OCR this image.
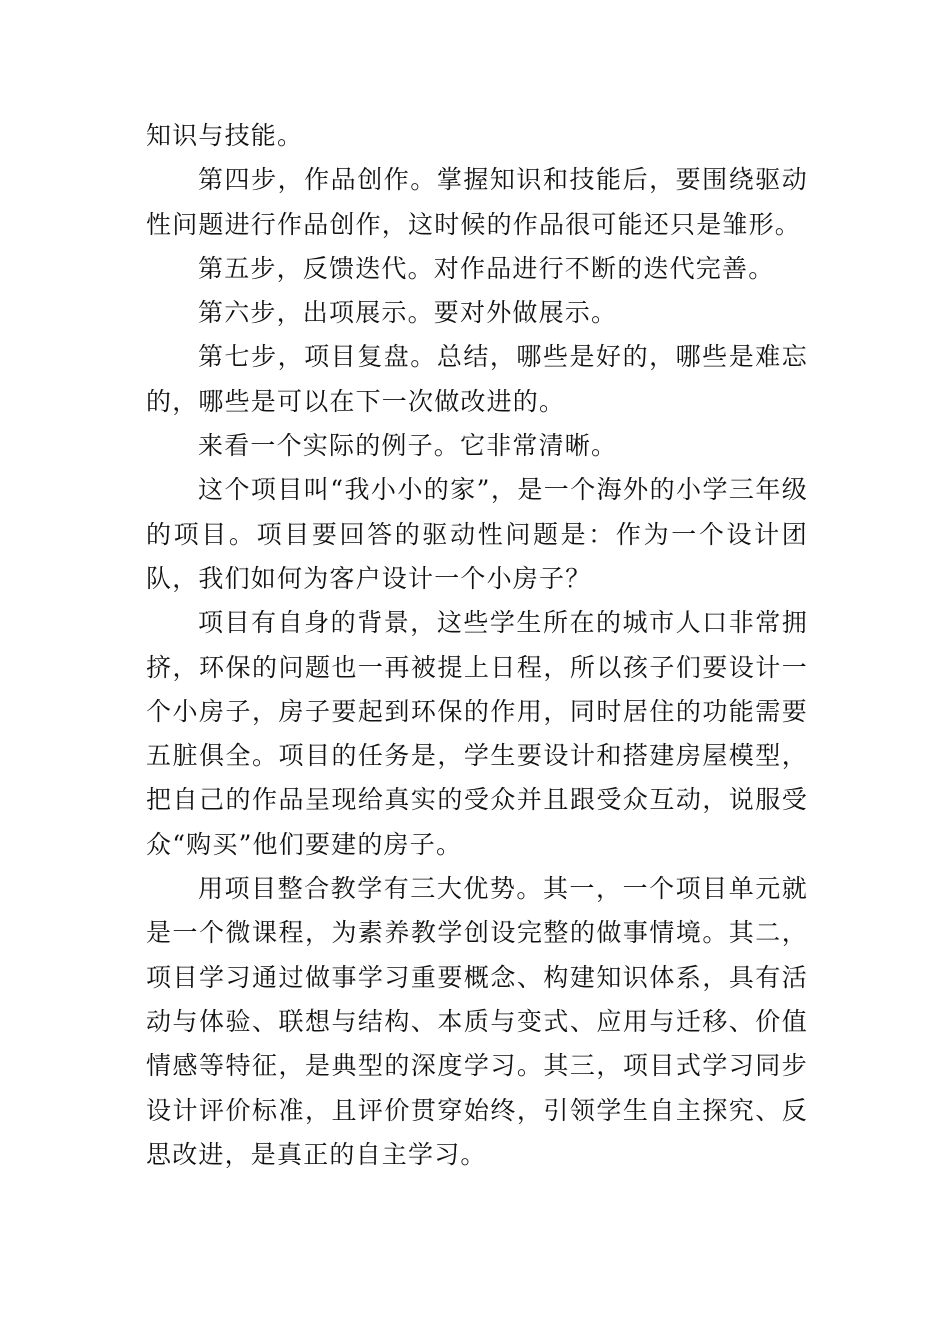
知识与技能。

第四步，作品创作。掌握知识和技能后，要围绕驱动性问题进行作品创作，这时候的作品很可能还只是雏形。

第五步，反馈迭代。对作品进行不断的迭代完善。

第六步，出项展示。要对外做展示。

第七步，项目复盘。总结，哪些是好的，哪些是难忘的，哪些是可以在下一次做改进的。

来看一个实际的例子。它非常清晰。

这个项目叫“我小小的家”，是一个海外的小学三年级的项目。项目要回答的驱动性问题是：作为一个设计团队，我们如何为客户设计一个小房子？

项目有自身的背景，这些学生所在的城市人口非常拥挤，环保的问题也一再被提上日程，所以孩子们要设计一个小房子，房子要起到环保的作用，同时居住的功能需要五脏俱全。项目的任务是，学生要设计和搭建房屋模型，把自己的作品呈现给真实的受众并且跟受众互动，说服受众“购买”他们要建的房子。

用项目整合教学有三大优势。其一，一个项目单元就是一个微课程，为素养教学创设完整的做事情境。其二，项目学习通过做事学习重要概念、构建知识体系，具有活动与体验、联想与结构、本质与变式、应用与迁移、价值情感等特征，是典型的深度学习。其三，项目式学习同步设计评价标准，且评价贯穿始终，引领学生自主探究、反思改进，是真正的自主学习。
